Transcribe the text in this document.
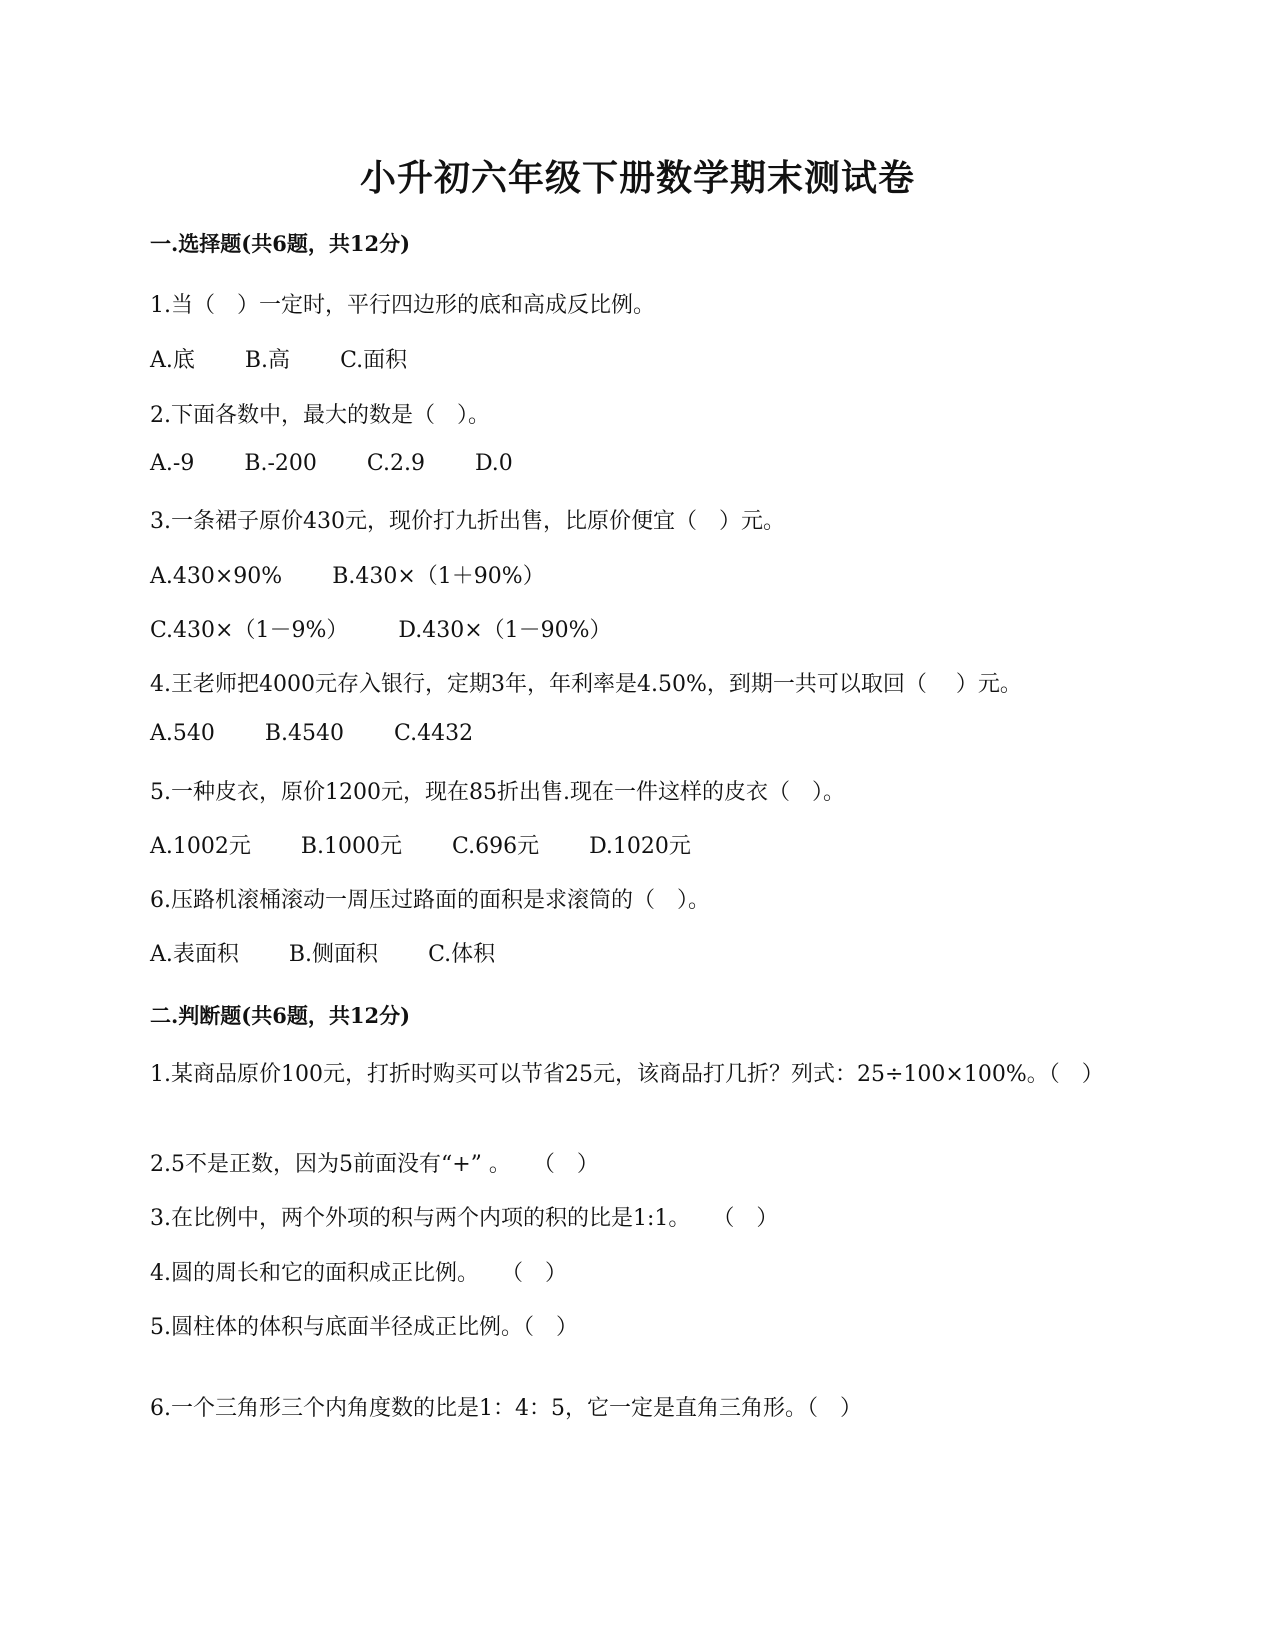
小升初六年级下册数学期末测试卷
一.选择题(共6题，共12分)
1.当（　）一定时，平行四边形的底和高成反比例。
A.底 B.高 C.面积
2.下面各数中，最大的数是（　）。
A.-9 B.-200 C.2.9 D.0
3.一条裙子原价430元，现价打九折出售，比原价便宜（　）元。
A.430×90% B.430×（1＋90%）
C.430×（1－9%） D.430×（1－90%）
4.王老师把4000元存入银行，定期3年，年利率是4.50%，到期一共可以取回（　 ）元。
A.540 B.4540 C.4432
5.一种皮衣，原价1200元，现在85折出售.现在一件这样的皮衣（　）。
A.1002元 B.1000元 C.696元 D.1020元
6.压路机滚桶滚动一周压过路面的面积是求滚筒的（　）。
A.表面积 B.侧面积 C.体积
二.判断题(共6题，共12分)
1.某商品原价100元，打折时购买可以节省25元，该商品打几折？列式：25÷100×100%。（　）
2.5不是正数，因为5前面没有“+” 。　　（　）
3.在比例中，两个外项的积与两个内项的积的比是1:1。　　（　）
4.圆的周长和它的面积成正比例。　　（　）
5.圆柱体的体积与底面半径成正比例。（　）
6.一个三角形三个内角度数的比是1：4：5，它一定是直角三角形。（　）
